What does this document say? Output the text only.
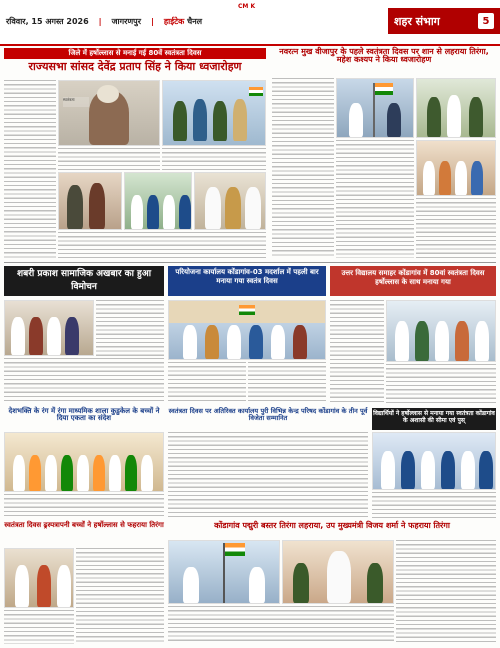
CM K
रविवार, 15 अगस्त 2026 | जागरणपुर | हाईटेक चैनल	शहर संभाग	5
जिले में हर्षोल्लास से मनाई गई 80वें स्वतंत्रता दिवस
राज्यसभा सांसद देवेंद्र प्रताप सिंह ने किया ध्वजारोहण
स्वतंत्रता
नवरत्न मुख वीजापुर के पहले स्वतंत्रता दिवस पर शान से लहराया तिरंगा, महेश कश्यप ने किया ध्वजारोहण
शबरी प्रकाश सामाजिक अखबार का हुआ विमोचन
परियोजना कार्यालय कोंडागांव-03 मदर्शाल में पहली बार मनाया गया स्वतंत्र दिवस
उत्तर विद्यालय समाहर कोंडागांव में 80वां स्वतंत्रता दिवस हर्षोल्लास के साथ मनाया गया
देशभक्ति के रंग में रंगा माध्यमिक शाला कुडुकेल के बच्चों ने दिया एकता का संदेश
स्वतंत्रता दिवस पर अतिरिक्त कार्यालय पुरी विभिन्न केन्द्र परिषद कोंडागांव के तीन पूर्व विजेता सम्मानित
विद्यार्थियों ने हर्षोल्लास से मनाया गया स्वतंत्रता कोंडागांव के अशासी की सीमा एवं पुस्
स्वतंत्रता दिवस ढ्रस्पत्रापनी बच्चों ने हर्षोल्लास से फहराया तिरंगा	कोंडागांव पद्मुरी बस्तर तिरंगा लहराया, उप मुख्यमंत्री विजय शर्मा ने फहराया तिरंगा
